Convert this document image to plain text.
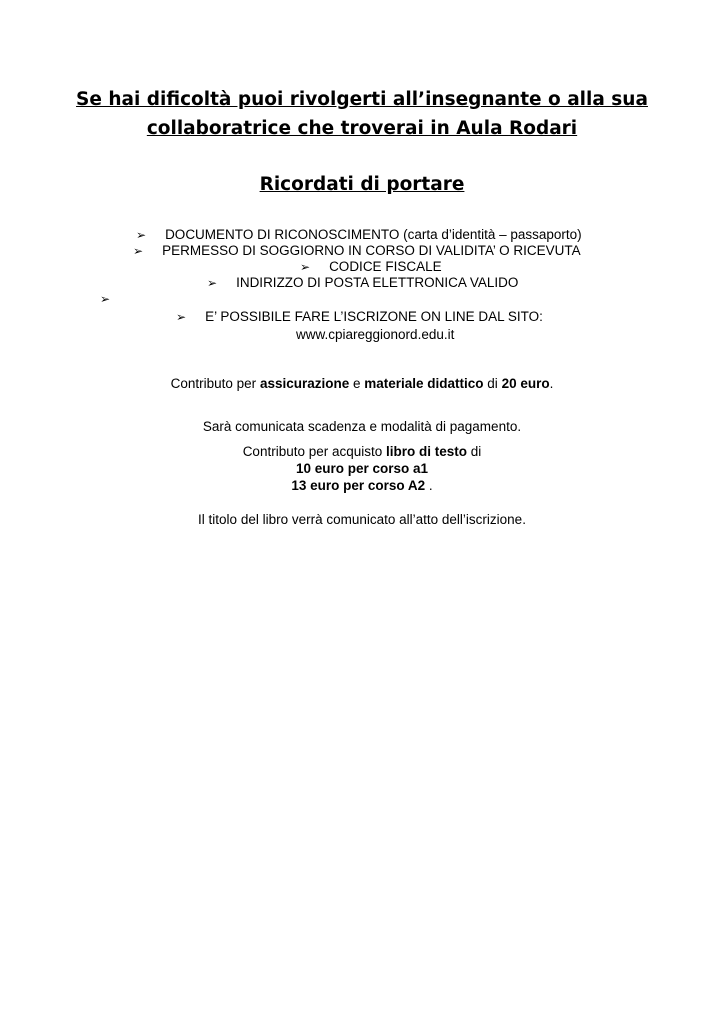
Se hai dificoltà puoi rivolgerti all’insegnante o alla sua
collaboratrice che troverai in Aula Rodari
Ricordati di portare
➢ DOCUMENTO DI RICONOSCIMENTO (carta d’identità – passaporto)
➢ PERMESSO DI SOGGIORNO IN CORSO DI VALIDITA’ O RICEVUTA
➢ CODICE FISCALE
➢ INDIRIZZO DI POSTA ELETTRONICA VALIDO
➢
➢ E’ POSSIBILE FARE L’ISCRIZONE ON LINE DAL SITO:
www.cpiareggionord.edu.it
Contributo per assicurazione e materiale didattico di 20 euro.
Sarà comunicata scadenza e modalità di pagamento.
Contributo per acquisto libro di testo di
10 euro per corso a1
13 euro per corso A2 .
Il titolo del libro verrà comunicato all’atto dell’iscrizione.
